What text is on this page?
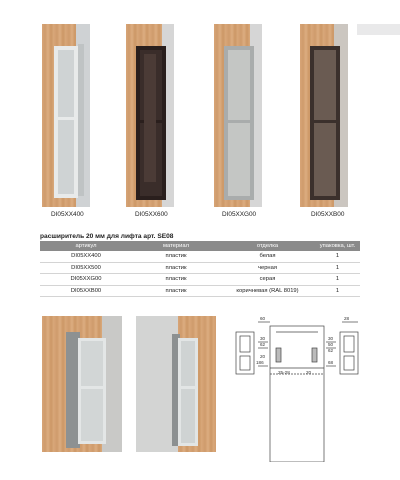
DI05XX400	DI05XX600	DI05XXG00	DI05XXB00
расширитель 20 мм для лифта арт. SE08
артикул	материал	отделка	упаковка, шт.
DI05XX400	пластик	белая	1
DI05XX500	пластик	черная	1
DI05XXG00	пластик	серая	1
DI05XXB00	пластик	коричневая (RAL 8019)	1
60
30	30
62	50
62
186
25-28	20
20
68
28
